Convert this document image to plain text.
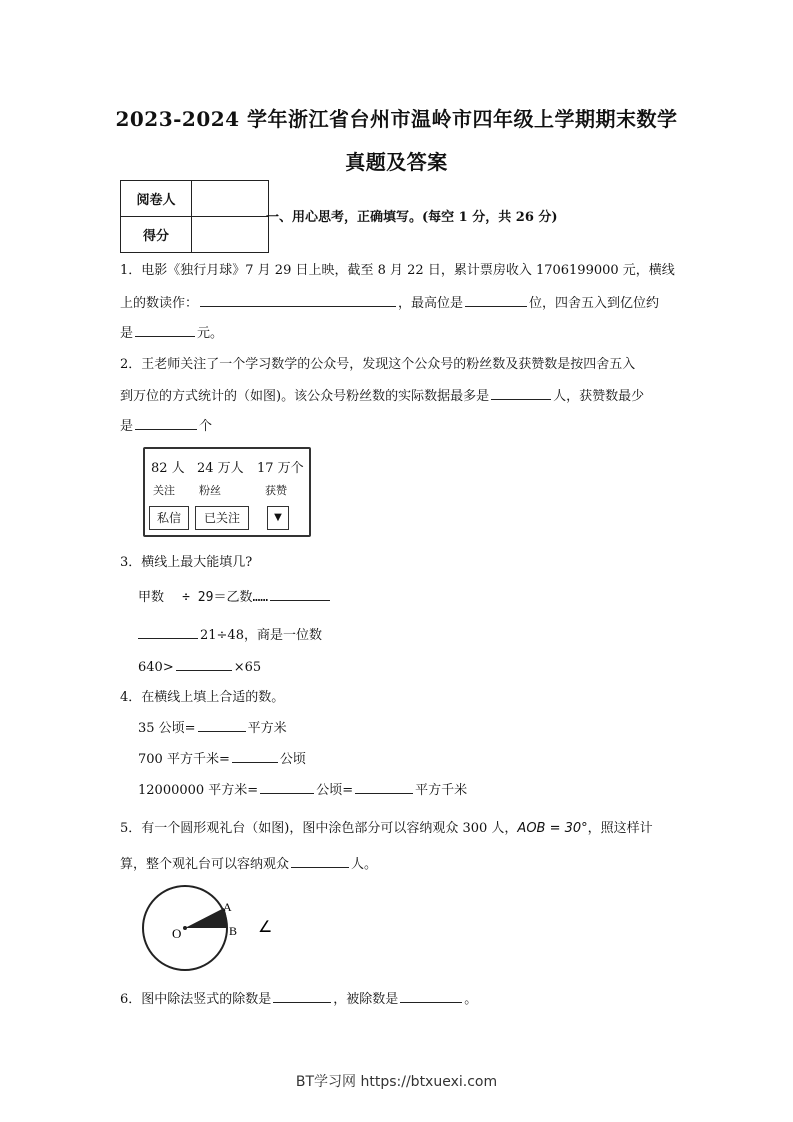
2023-2024 学年浙江省台州市温岭市四年级上学期期末数学
真题及答案
阅卷人	
得分	
一、用心思考，正确填写。(每空 1 分，共 26 分)
1．电影《独行月球》7 月 29 日上映，截至 8 月 22 日，累计票房收入 1706199000 元，横线
上的数读作：	，最高位是	位，四舍五入到亿位约
是	元。
2．王老师关注了一个学习数学的公众号，发现这个公众号的粉丝数及获赞数是按四舍五入
到万位的方式统计的（如图)。该公众号粉丝数的实际数据最多是	人，获赞数最少
是	个
82 人 24 万人 17 万个
关注 粉丝	获赞
私信	已关注	▼
3．横线上最大能填几?
甲数 ÷ 29＝乙数……
21÷48，商是一位数
640>	×65
4．在横线上填上合适的数。
35 公顷=	平方米
700 平方千米=	公顷
12000000 平方米=	公顷=	平方千米
5．有一个圆形观礼台（如图)，图中涂色部分可以容纳观众 300 人，AOB = 30°，照这样计
算，整个观礼台可以容纳观众	人。
O
A
B ∠
6．图中除法竖式的除数是	，被除数是	。
BT学习网 https://btxuexi.com
